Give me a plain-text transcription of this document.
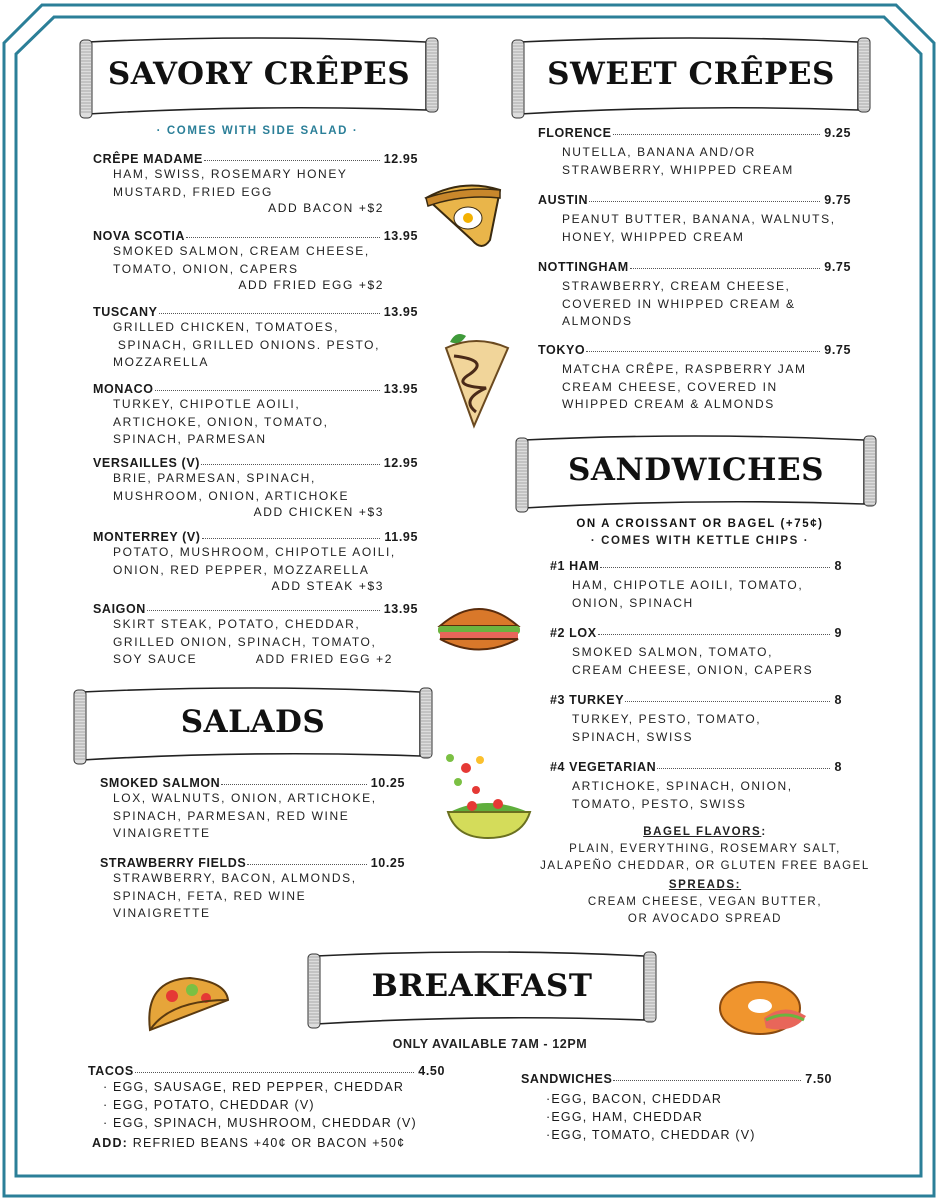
SAVORY CRÊPES	SWEET CRÊPES
SANDWICHES
SALADS
BREAKFAST
· COMES WITH SIDE SALAD ·
CRÊPE MADAME	12.95
HAM, SWISS, ROSEMARY HONEY
MUSTARD, FRIED EGG
ADD BACON +$2
NOVA SCOTIA	13.95
SMOKED SALMON, CREAM CHEESE,
TOMATO, ONION, CAPERS
ADD FRIED EGG +$2
TUSCANY	13.95
GRILLED CHICKEN, TOMATOES,
SPINACH, GRILLED ONIONS. PESTO,
MOZZARELLA
MONACO	13.95
TURKEY, CHIPOTLE AOILI,
ARTICHOKE, ONION, TOMATO,
SPINACH, PARMESAN
VERSAILLES (V)	12.95
BRIE, PARMESAN, SPINACH,
MUSHROOM, ONION, ARTICHOKE
ADD CHICKEN +$3
MONTERREY (V)	11.95
POTATO, MUSHROOM, CHIPOTLE AOILI,
ONION, RED PEPPER, MOZZARELLA
ADD STEAK +$3
SAIGON	13.95
SKIRT STEAK, POTATO, CHEDDAR,
GRILLED ONION, SPINACH, TOMATO,
SOY SAUCE            ADD FRIED EGG +2
FLORENCE	9.25
NUTELLA, BANANA AND/OR
STRAWBERRY, WHIPPED CREAM
AUSTIN	9.75
PEANUT BUTTER, BANANA, WALNUTS,
HONEY, WHIPPED CREAM
NOTTINGHAM	9.75
STRAWBERRY, CREAM CHEESE,
COVERED IN WHIPPED CREAM &
ALMONDS
TOKYO	9.75
MATCHA CRÊPE, RASPBERRY JAM
CREAM CHEESE, COVERED IN
WHIPPED CREAM & ALMONDS
#1 HAM	8
HAM, CHIPOTLE AOILI, TOMATO,
ONION, SPINACH
#2 LOX	9
SMOKED SALMON, TOMATO,
CREAM CHEESE, ONION, CAPERS
#3 TURKEY	8
TURKEY, PESTO, TOMATO,
SPINACH, SWISS
#4 VEGETARIAN	8
ARTICHOKE, SPINACH, ONION,
TOMATO, PESTO, SWISS
SMOKED SALMON	10.25
LOX, WALNUTS, ONION, ARTICHOKE,
SPINACH, PARMESAN, RED WINE
VINAIGRETTE
STRAWBERRY FIELDS	10.25
STRAWBERRY, BACON, ALMONDS,
SPINACH, FETA, RED WINE
VINAIGRETTE
ON A CROISSANT OR BAGEL (+75¢)
· COMES WITH KETTLE CHIPS ·
BAGEL FLAVORS:
PLAIN, EVERYTHING, ROSEMARY SALT,
JALAPEÑO CHEDDAR, OR GLUTEN FREE BAGEL
SPREADS:
CREAM CHEESE, VEGAN BUTTER,
OR AVOCADO SPREAD
ONLY AVAILABLE 7AM - 12PM
TACOS	4.50
· EGG, SAUSAGE, RED PEPPER, CHEDDAR
· EGG, POTATO, CHEDDAR (V)
· EGG, SPINACH, MUSHROOM, CHEDDAR (V)
ADD: REFRIED BEANS +40¢ OR BACON +50¢
SANDWICHES	7.50
·EGG, BACON, CHEDDAR
·EGG, HAM, CHEDDAR
·EGG, TOMATO, CHEDDAR (V)
